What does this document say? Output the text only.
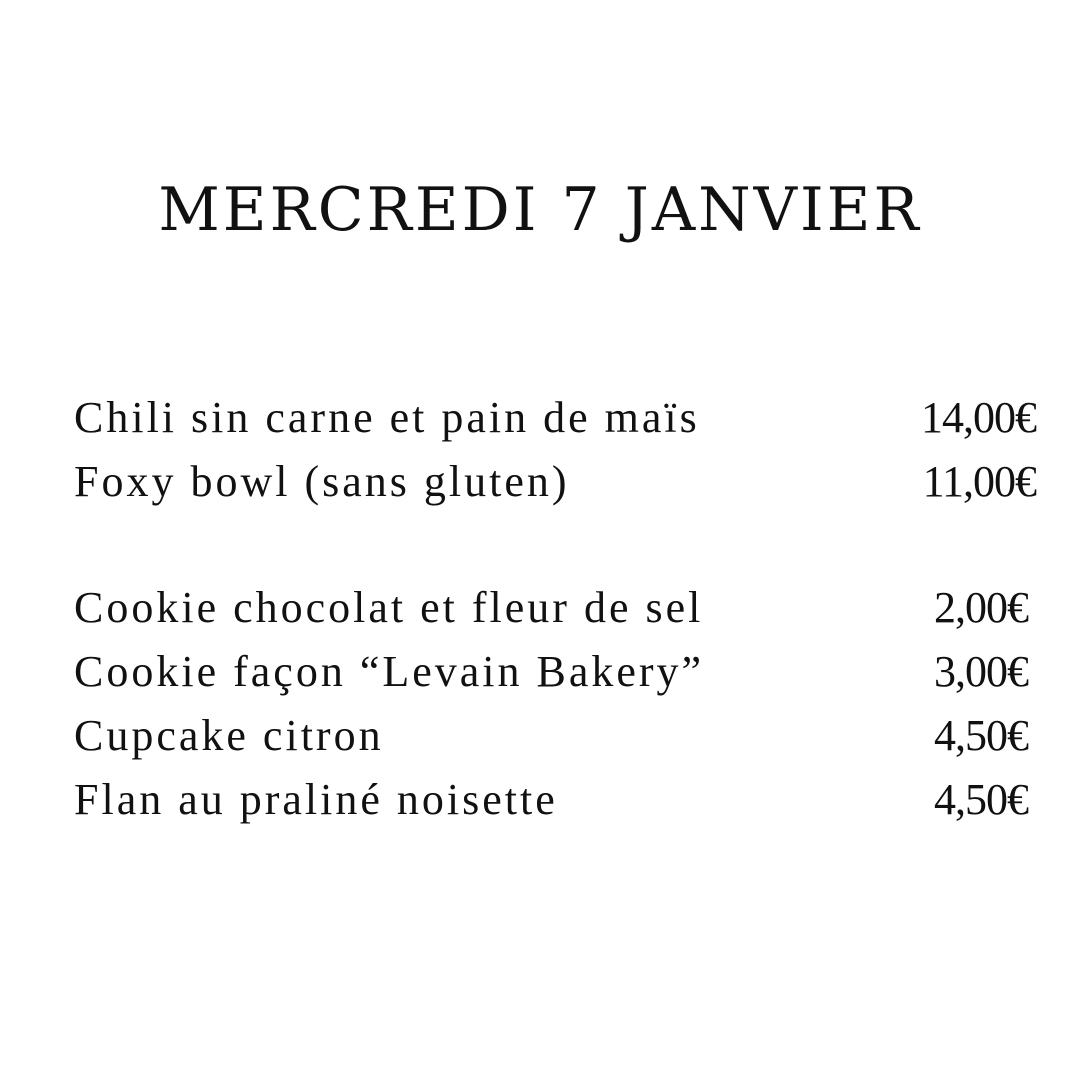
MERCREDI 7 JANVIER
Chili sin carne et pain de maïs	14,00€
Foxy bowl (sans gluten)	11,00€
Cookie chocolat et fleur de sel	2,00€
Cookie façon “Levain Bakery”	3,00€
Cupcake citron	4,50€
Flan au praliné noisette	4,50€
